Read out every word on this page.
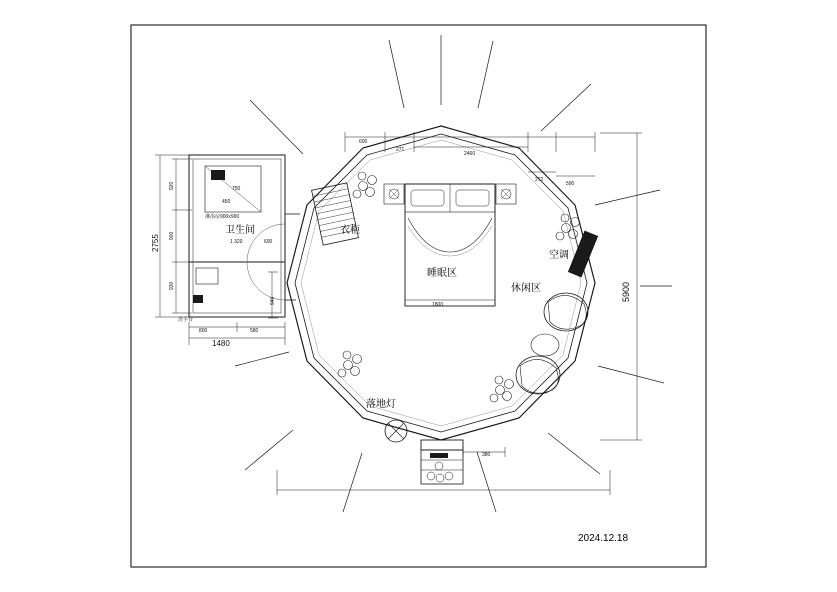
卫生间	衣柜
睡眠区
空调
休闲区
落地灯
2755
920
900
930
800	580
1480
5900
600
271
2460
272
590
1800
380
940
1 320	600
淋浴房900x900
750
450
洗手台
2024.12.18
